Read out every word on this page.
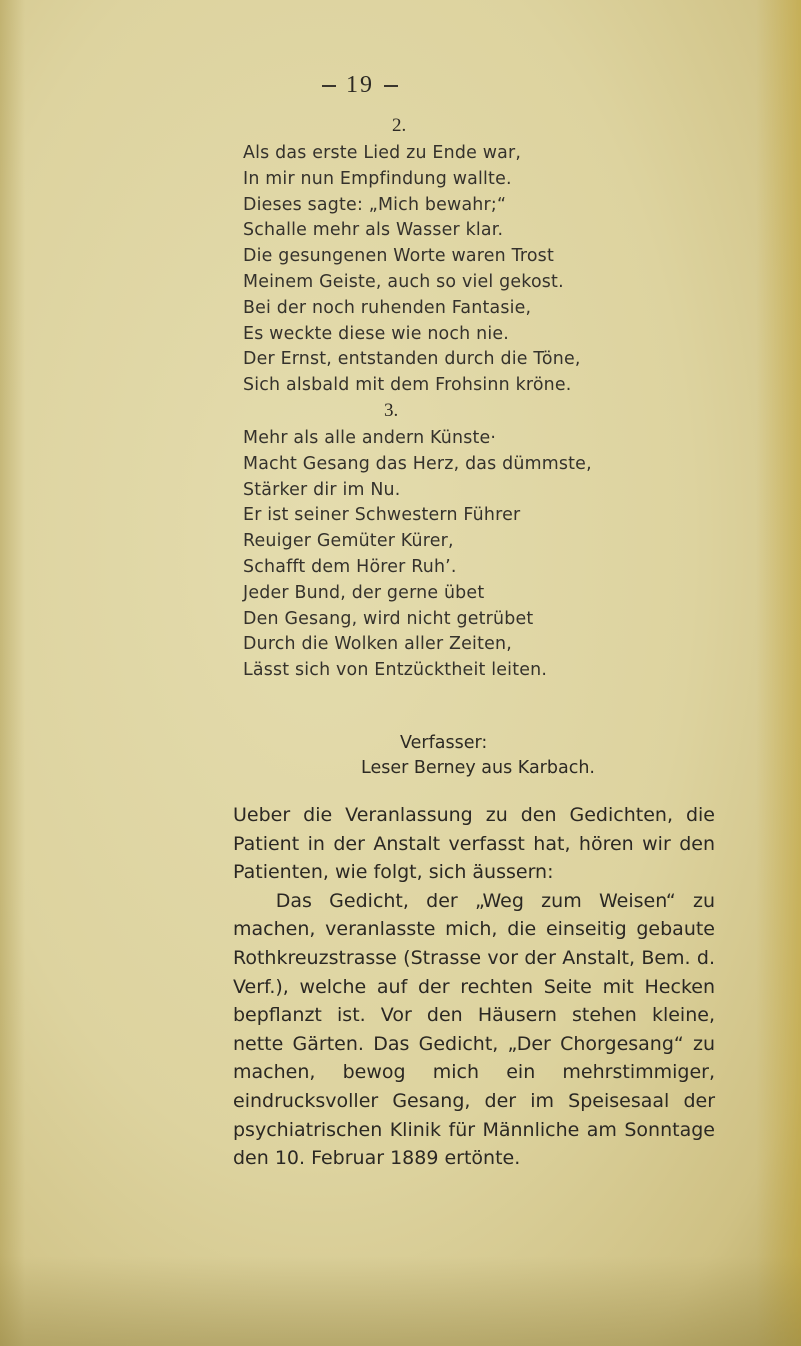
19
2.
Als das erste Lied zu Ende war,
In mir nun Empfindung wallte.
Dieses sagte: „Mich bewahr;“
Schalle mehr als Wasser klar.
Die gesungenen Worte waren Trost
Meinem Geiste, auch so viel gekost.
Bei der noch ruhenden Fantasie,
Es weckte diese wie noch nie.
Der Ernst, entstanden durch die Töne,
Sich alsbald mit dem Frohsinn kröne.
3.
Mehr als alle andern Künste·
Macht Gesang das Herz, das dümmste,
Stärker dir im Nu.
Er ist seiner Schwestern Führer
Reuiger Gemüter Kürer,
Schafft dem Hörer Ruh’.
Jeder Bund, der gerne übet
Den Gesang, wird nicht getrübet
Durch die Wolken aller Zeiten,
Lässt sich von Entzücktheit leiten.
Verfasser:
Leser Berney aus Karbach.

Ueber die Veranlassung zu den Gedichten, die Patient in der Anstalt verfasst hat, hören wir den Patienten, wie folgt, sich äussern:

Das Gedicht, der „Weg zum Weisen“ zu machen, veranlasste mich, die einseitig gebaute Rothkreuzstrasse (Strasse vor der Anstalt, Bem. d. Verf.), welche auf der rechten Seite mit Hecken bepflanzt ist. Vor den Häusern stehen kleine, nette Gärten. Das Gedicht, „Der Chorgesang“ zu machen, bewog mich ein mehrstimmiger, eindrucksvoller Gesang, der im Speisesaal der psychiatrischen Klinik für Männliche am Sonntage den 10. Februar 1889 ertönte.
